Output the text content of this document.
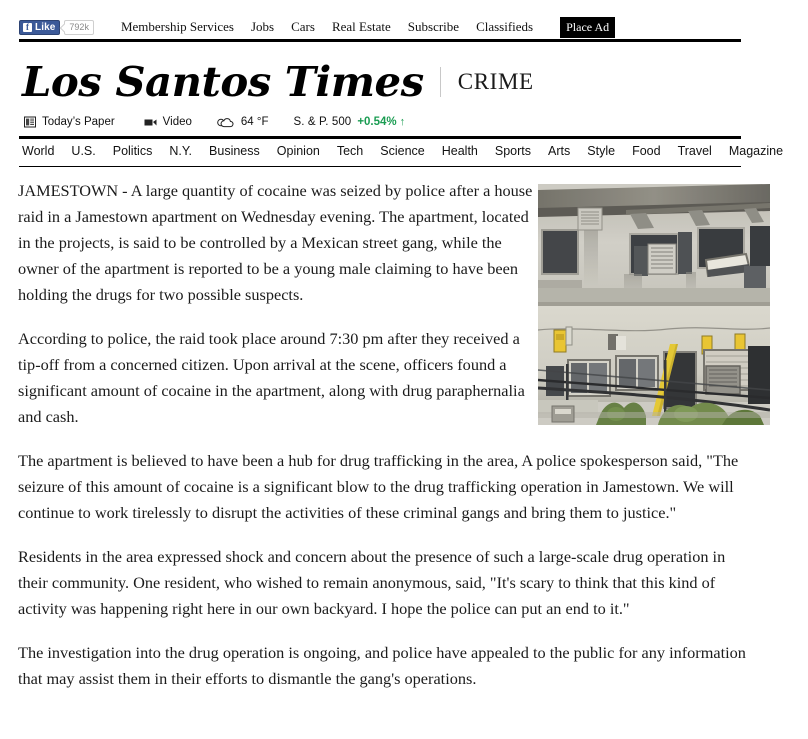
f Like	792k	Membership Services Jobs Cars Real Estate Subscribe Classifieds	Place Ad
Los Santos Times CRIME
Today’s Paper	Video	64 °F S. & P. 500 +0.54% ↑
World U.S. Politics N.Y. Business Opinion Tech Science Health Sports Arts Style Food Travel Magazine

JAMESTOWN - A large quantity of cocaine was seized by police after a house raid in a Jamestown apartment on Wednesday evening. The apartment, located in the projects, is said to be controlled by a Mexican street gang, while the owner of the apartment is reported to be a young male claiming to have been holding the drugs for two possible suspects.

According to police, the raid took place around 7:30 pm after they received a tip-off from a concerned citizen. Upon arrival at the scene, officers found a significant amount of cocaine in the apartment, along with drug paraphernalia and cash.

The apartment is believed to have been a hub for drug trafficking in the area, A police spokesperson said, "The seizure of this amount of cocaine is a significant blow to the drug trafficking operation in Jamestown. We will continue to work tirelessly to disrupt the activities of these criminal gangs and bring them to justice."

Residents in the area expressed shock and concern about the presence of such a large-scale drug operation in their community. One resident, who wished to remain anonymous, said, "It's scary to think that this kind of activity was happening right here in our own backyard. I hope the police can put an end to it."

The investigation into the drug operation is ongoing, and police have appealed to the public for any information that may assist them in their efforts to dismantle the gang's operations.
